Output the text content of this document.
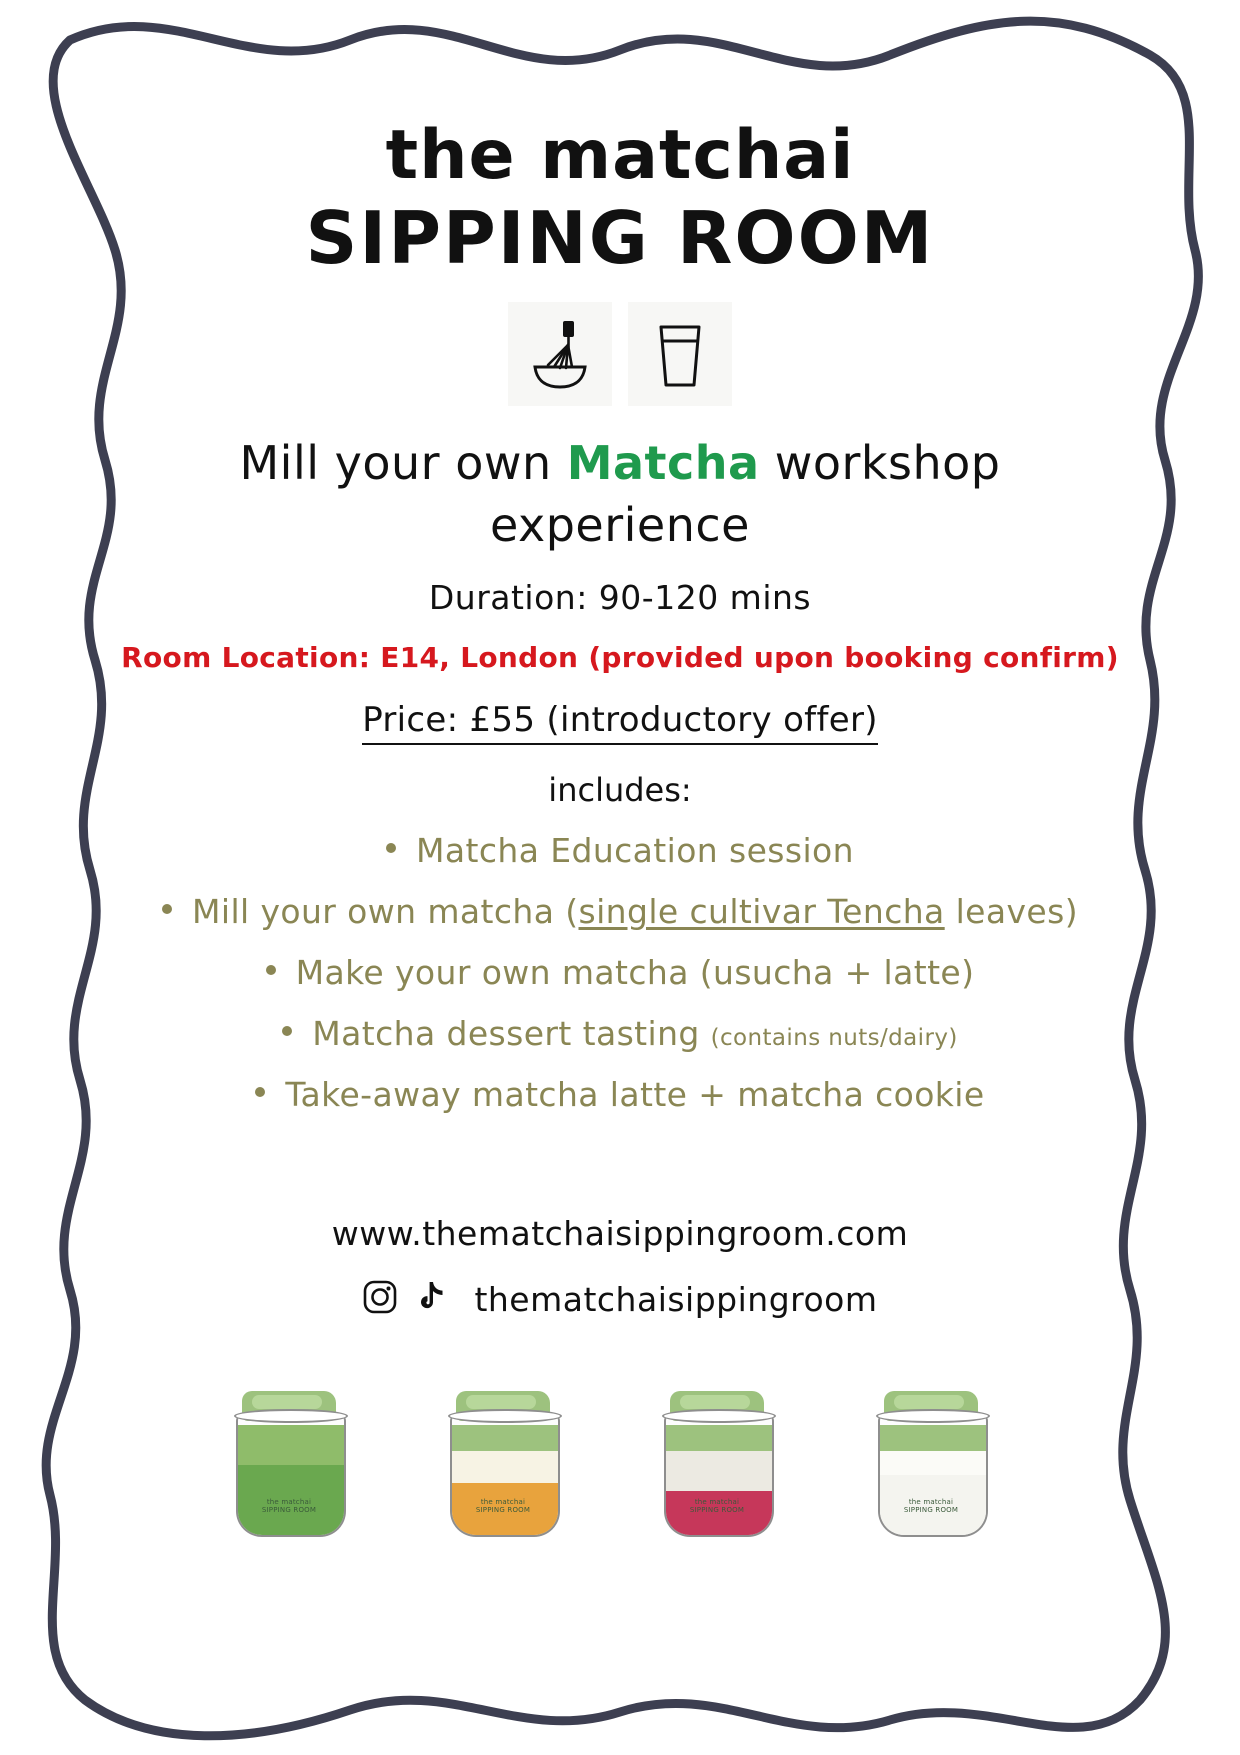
the matchai
SIPPING ROOM
Mill your own Matcha workshop experience
Duration: 90-120 mins
Room Location: E14, London (provided upon booking confirm)
Price: £55 (introductory offer)
includes:
Matcha Education session
Mill your own matcha (single cultivar Tencha leaves)
Make your own matcha (usucha + latte)
Matcha dessert tasting (contains nuts/dairy)
Take-away matcha latte + matcha cookie
www.thematchaisippingroom.com
thematchaisippingroom
the matchai
SIPPING ROOM
the matchai
SIPPING ROOM
the matchai
SIPPING ROOM
the matchai
SIPPING ROOM
